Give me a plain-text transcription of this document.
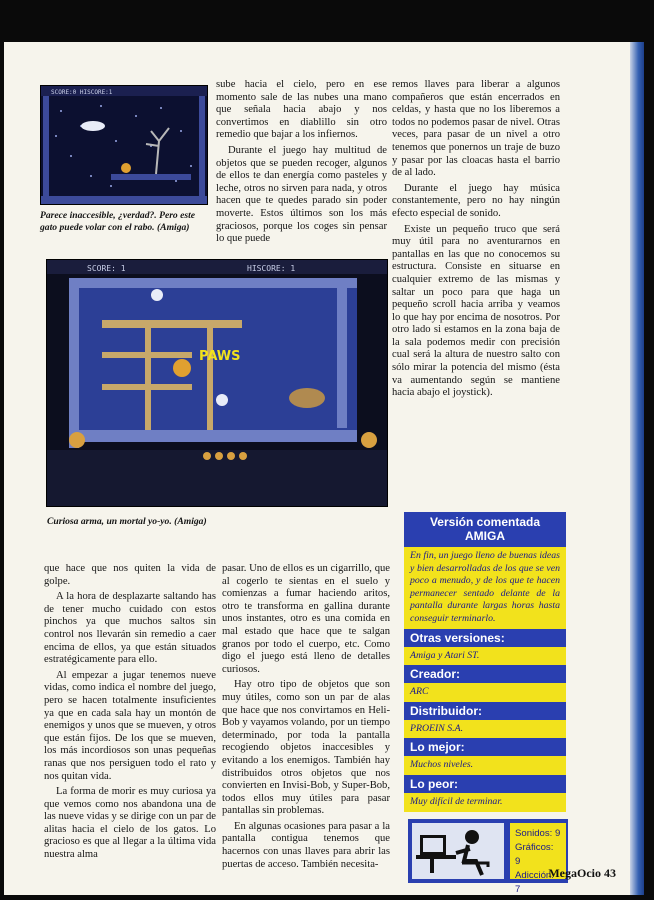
SCORE:0 HISCORE:1
Parece inaccesible, ¿verdad?. Pero este gato puede volar con el rabo. (Amiga)

sube hacia el cielo, pero en ese momento sale de las nubes una mano que señala hacia abajo y nos convertimos en diablillo sin otro remedio que bajar a los infiernos.

Durante el juego hay multitud de objetos que se pueden recoger, algunos de ellos te dan energía como pasteles y leche, otros no sirven para nada, y otros hacen que te quedes parado sin poder moverte. Estos últimos son los más graciosos, porque los coges sin pensar lo que puede

remos llaves para liberar a algunos compañeros que están encerrados en celdas, y hasta que no los liberemos a todos no podemos pasar de nivel. Otras veces, para pasar de un nivel a otro tenemos que ponernos un traje de buzo y pasar por las cloacas hasta el barrio de al lado.

Durante el juego hay música constantemente, pero no hay ningún efecto especial de sonido.

Existe un pequeño truco que será muy útil para no aventurarnos en pantallas en las que no conocemos su estructura. Consiste en situarse en cualquier extremo de las mismas y saltar un poco para que haga un pequeño scroll hacia arriba y veamos lo que hay por encima de nosotros. Por otro lado si estamos en la zona baja de la sala podemos medir con precisión cual será la altura de nuestro salto con sólo mirar la potencia del mismo (ésta va aumentando según se mantiene hacia abajo el joystick).

SCORE: 1	HISCORE: 1
PAWS
Curiosa arma, un mortal yo-yo. (Amiga)

que hace que nos quiten la vida de golpe.

A la hora de desplazarte saltando has de tener mucho cuidado con estos pinchos ya que muchos saltos sin control nos llevarán sin remedio a caer encima de ellos, ya que están situados estratégicamente para ello.

Al empezar a jugar tenemos nueve vidas, como indica el nombre del juego, pero se hacen totalmente insuficientes ya que en cada sala hay un montón de enemigos y unos que se mueven, y otros que están fijos. De los que se mueven, los más incordiosos son unas pequeñas ranas que nos persiguen todo el rato y nos quitan vida.

La forma de morir es muy curiosa ya que vemos como nos abandona una de las nueve vidas y se dirige con un par de alitas hacia el cielo de los gatos. Lo gracioso es que al llegar a la última vida nuestra alma

pasar. Uno de ellos es un cigarrillo, que al cogerlo te sientas en el suelo y comienzas a fumar haciendo aritos, otro te transforma en gallina durante unos instantes, otro es una comida en mal estado que hace que te salgan granos por todo el cuerpo, etc. Como digo el juego está lleno de detalles curiosos.

Hay otro tipo de objetos que son muy útiles, como son un par de alas que hace que nos convirtamos en Heli-Bob y vayamos volando, por un tiempo determinado, por toda la pantalla recogiendo objetos inaccesibles y evitando a los enemigos. También hay distribuidos otros objetos que nos convierten en Invisi-Bob, y Super-Bob, todos ellos muy útiles para pasar pantallas sin problemas.

En algunas ocasiones para pasar a la pantalla contigua tenemos que hacernos con unas llaves para abrir las puertas de acceso. También necesita-

Versión comentada
AMIGA
En fin, un juego lleno de buenas ideas y bien desarrolladas de los que se ven poco a menudo, y de los que te hacen permanecer sentado delante de la pantalla durante largas horas hasta conseguir terminarlo.
Otras versiones:
Amiga y Atari ST.
Creador:
ARC
Distribuidor:
PROEIN S.A.
Lo mejor:
Muchos niveles.
Lo peor:
Muy difícil de terminar.
Sonidos: 9
Gráficos: 9
Adicción: 7
MegaOcio 43
